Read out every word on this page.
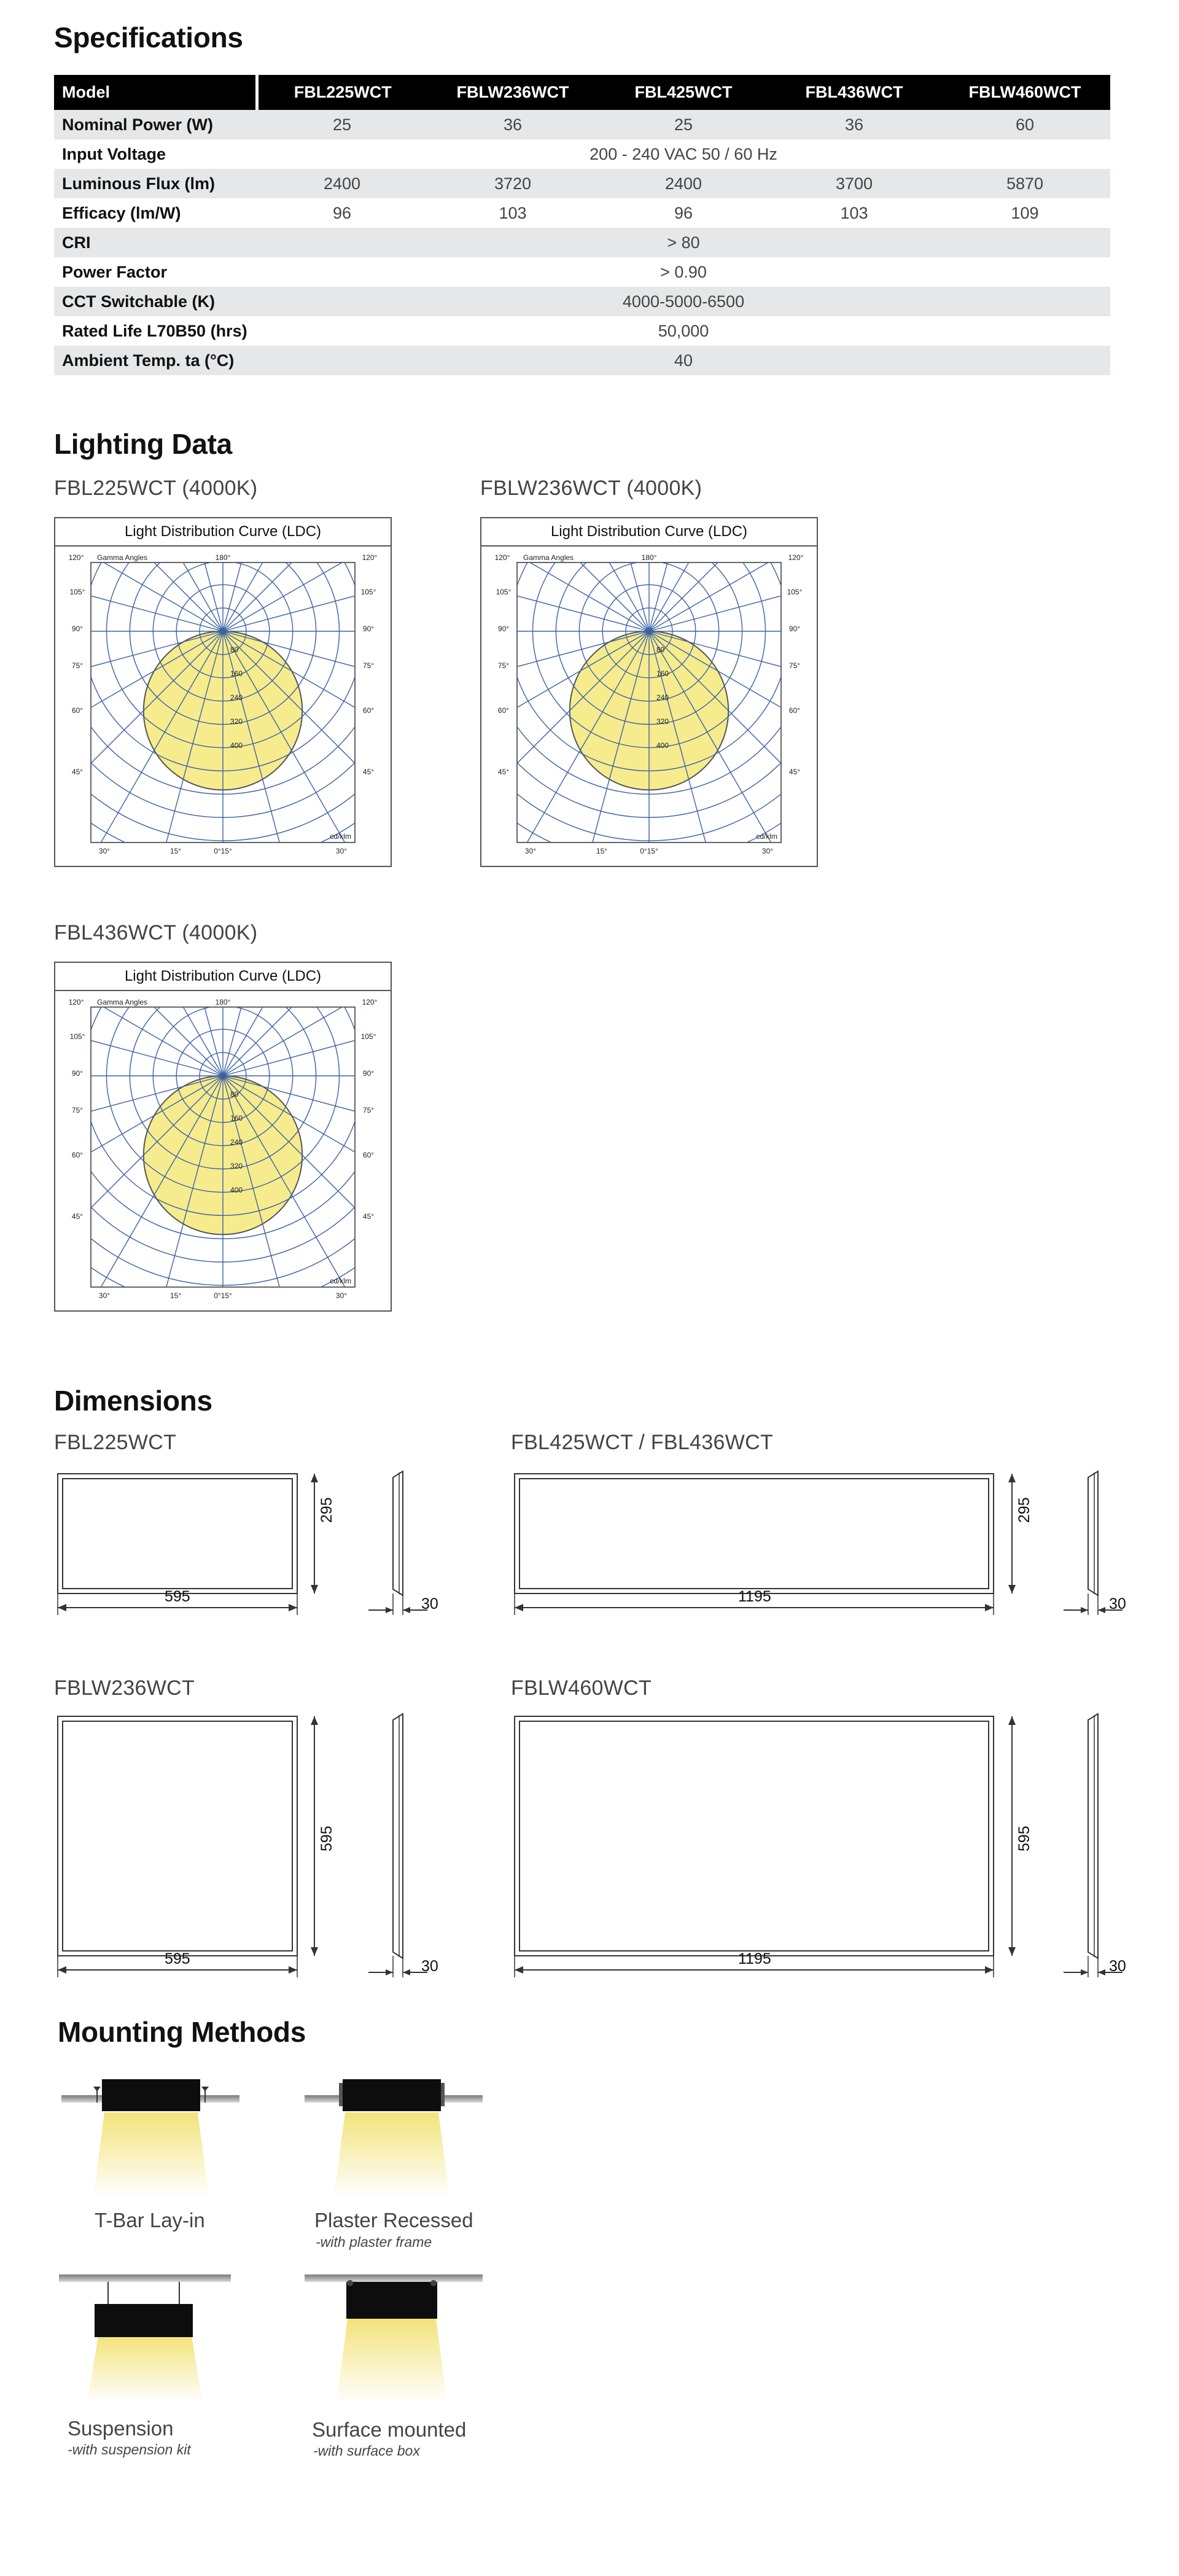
Specifications
Model	FBL225WCT	FBLW236WCT	FBL425WCT	FBL436WCT	FBLW460WCT
Nominal Power (W)	25	36	25	36	60
Input Voltage	200 - 240 VAC 50 / 60 Hz				
Luminous Flux (lm)	2400	3720	2400	3700	5870
Efficacy (lm/W)	96	103	96	103	109
CRI	> 80				
Power Factor	> 0.90				
CCT Switchable (K)	4000-5000-6500				
Rated Life L70B50 (hrs)	50,000				
Ambient Temp. ta (°C)	40				
Lighting Data
FBL225WCT (4000K)
Light Distribution Curve (LDC)
80
160
240
320
400
180°
120°	120°
Gamma Angles
105°
90°
75°
60°
45°
105°
90°
75°
60°
45°
30°	15°	0°15°	30°
cd/klm
FBLW236WCT (4000K)
Light Distribution Curve (LDC)
80
160
240
320
400
180°
120°	120°
Gamma Angles
105°
90°
75°
60°
45°
105°
90°
75°
60°
45°
30°	15°	0°15°	30°
cd/klm
FBL436WCT (4000K)
Light Distribution Curve (LDC)
80
160
240
320
400
180°
120°	120°
Gamma Angles
105°
90°
75°
60°
45°
105°
90°
75°
60°
45°
30°	15°	0°15°	30°
cd/klm
Dimensions
FBL225WCT	FBL425WCT / FBL436WCT
FBLW236WCT	FBLW460WCT
595
295
30	1195
295
30
595
595
30	1195
595
30
Mounting Methods
T-Bar Lay-in	Plaster Recessed
-with plaster frame
Suspension
-with suspension kit
Surface mounted
-with surface box
